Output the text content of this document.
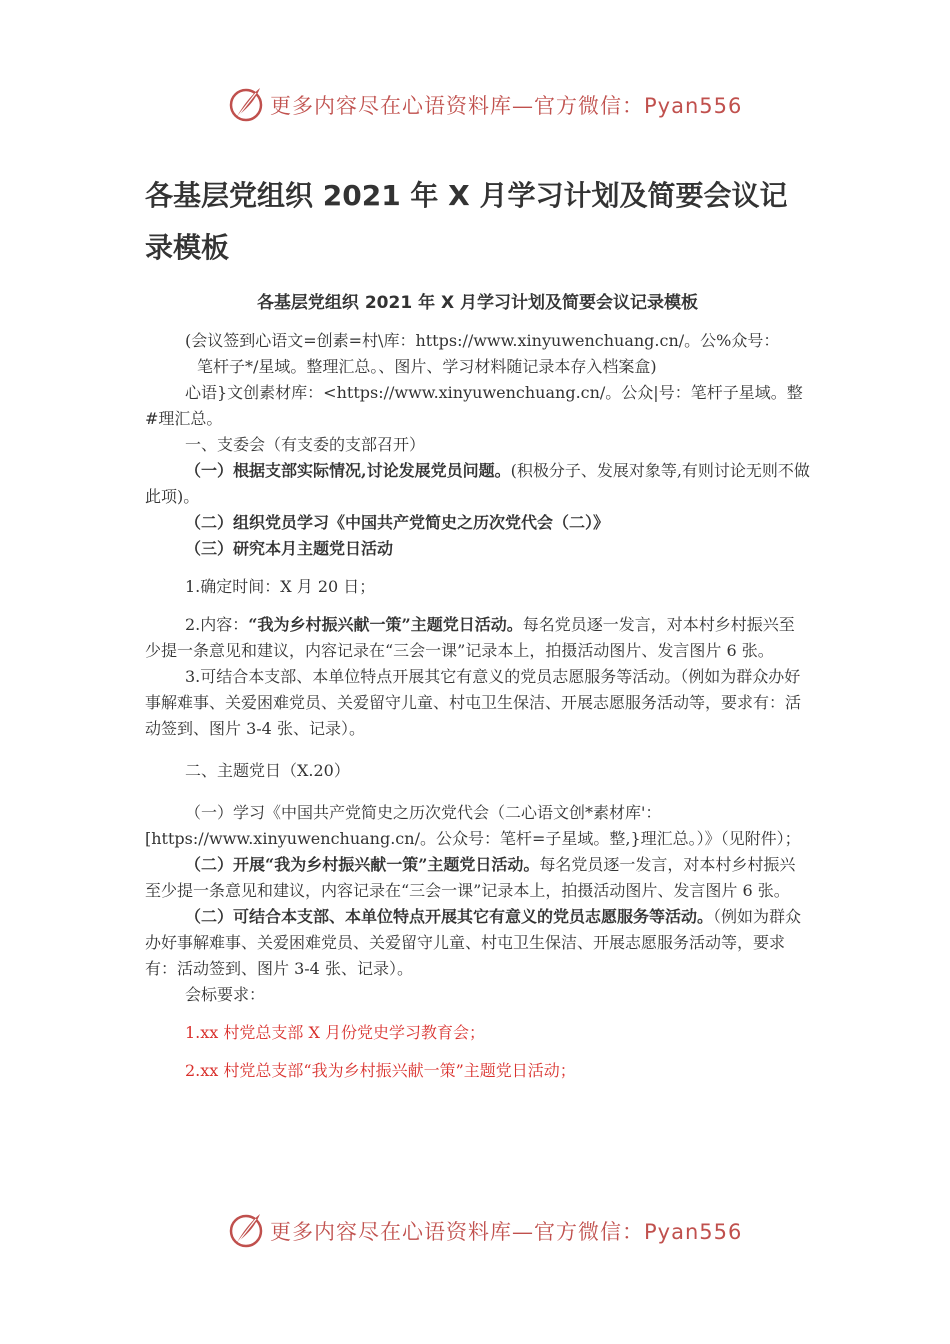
更多内容尽在心语资料库—官方微信：Pyan556
各基层党组织 2021 年 X 月学习计划及简要会议记录模板

各基层党组织 2021 年 X 月学习计划及简要会议记录模板

(会议签到心语文=创素=村\库：https://www.xinyuwenchuang.cn/。公%众号：

笔杆子*/星域。整理汇总。、图片、学习材料随记录本存入档案盒)

心语}文创素材库：<https://www.xinyuwenchuang.cn/。公众|号：笔杆子星域。整#理汇总。

一、支委会（有支委的支部召开）

（一）根据支部实际情况,讨论发展党员问题。(积极分子、发展对象等,有则讨论无则不做此项)。

（二）组织党员学习《中国共产党简史之历次党代会（二）》

（三）研究本月主题党日活动

1.确定时间：X 月 20 日；

2.内容：“我为乡村振兴献一策”主题党日活动。每名党员逐一发言，对本村乡村振兴至少提一条意见和建议，内容记录在“三会一课”记录本上，拍摄活动图片、发言图片 6 张。

3.可结合本支部、本单位特点开展其它有意义的党员志愿服务等活动。（例如为群众办好事解难事、关爱困难党员、关爱留守儿童、村屯卫生保洁、开展志愿服务活动等，要求有：活动签到、图片 3-4 张、记录）。

二、主题党日（X.20）

（一）学习《中国共产党简史之历次党代会（二心语文创*素材库'：[https://www.xinyuwenchuang.cn/。公众号：笔杆=子星域。整,}理汇总。）》（见附件）；

（二）开展“我为乡村振兴献一策”主题党日活动。每名党员逐一发言，对本村乡村振兴至少提一条意见和建议，内容记录在“三会一课”记录本上，拍摄活动图片、发言图片 6 张。

（二）可结合本支部、本单位特点开展其它有意义的党员志愿服务等活动。（例如为群众办好事解难事、关爱困难党员、关爱留守儿童、村屯卫生保洁、开展志愿服务活动等，要求有：活动签到、图片 3-4 张、记录）。

会标要求：

1.xx 村党总支部 X 月份党史学习教育会；

2.xx 村党总支部“我为乡村振兴献一策”主题党日活动；

更多内容尽在心语资料库—官方微信：Pyan556
